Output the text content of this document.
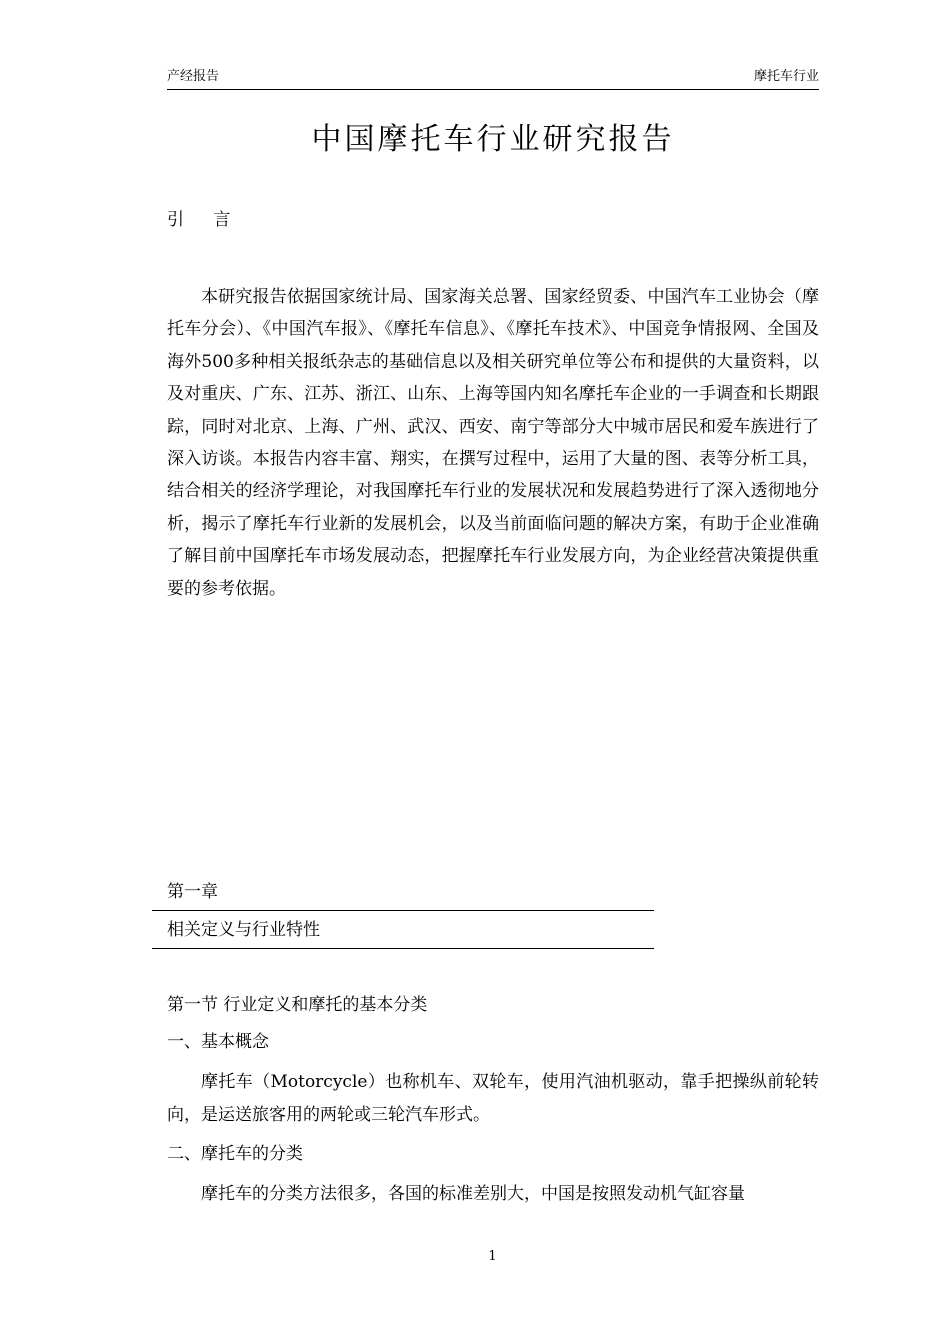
产经报告	摩托车行业
中国摩托车行业研究报告
引 言

本研究报告依据国家统计局、国家海关总署、国家经贸委、中国汽车工业协会（摩托车分会）、《中国汽车报》、《摩托车信息》、《摩托车技术》、中国竞争情报网、全国及海外500多种相关报纸杂志的基础信息以及相关研究单位等公布和提供的大量资料，以及对重庆、广东、江苏、浙江、山东、上海等国内知名摩托车企业的一手调查和长期跟踪，同时对北京、上海、广州、武汉、西安、南宁等部分大中城市居民和爱车族进行了深入访谈。本报告内容丰富、翔实，在撰写过程中，运用了大量的图、表等分析工具，结合相关的经济学理论，对我国摩托车行业的发展状况和发展趋势进行了深入透彻地分析，揭示了摩托车行业新的发展机会，以及当前面临问题的解决方案，有助于企业准确了解目前中国摩托车市场发展动态，把握摩托车行业发展方向，为企业经营决策提供重要的参考依据。

第一章
相关定义与行业特性
第一节 行业定义和摩托的基本分类
一、基本概念

摩托车（Motorcycle）也称机车、双轮车，使用汽油机驱动，靠手把操纵前轮转向，是运送旅客用的两轮或三轮汽车形式。

二、摩托车的分类

摩托车的分类方法很多，各国的标准差别大，中国是按照发动机气缸容量

1
